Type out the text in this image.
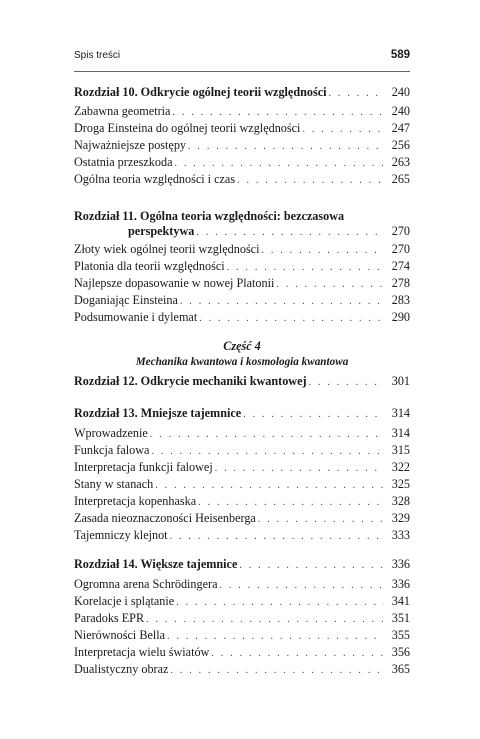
Spis treści	589
Rozdział 10. Odkrycie ogólnej teorii względności . . .	240
Zabawna geometria . . .	240
Droga Einsteina do ogólnej teorii względności . . .	247
Najważniejsze postępy . . .	256
Ostatnia przeszkoda . . .	263
Ogólna teoria względności i czas . . .	265
Rozdział 11. Ogólna teoria względności: bezczasowa
perspektywa . . .	270
Złoty wiek ogólnej teorii względności . . .	270
Platonia dla teorii względności . . .	274
Najlepsze dopasowanie w nowej Platonii . . .	278
Doganiając Einsteina . . .	283
Podsumowanie i dylemat . . .	290
Część 4
Mechanika kwantowa i kosmologia kwantowa
Rozdział 12. Odkrycie mechaniki kwantowej . . .	301
Rozdział 13. Mniejsze tajemnice . . .	314
Wprowadzenie . . .	314
Funkcja falowa . . .	315
Interpretacja funkcji falowej . . .	322
Stany w stanach . . .	325
Interpretacja kopenhaska . . .	328
Zasada nieoznaczoności Heisenberga . . .	329
Tajemniczy klejnot . . .	333
Rozdział 14. Większe tajemnice . . .	336
Ogromna arena Schrödingera . . .	336
Korelacje i splątanie . . .	341
Paradoks EPR . . .	351
Nierówności Bella . . .	355
Interpretacja wielu światów . . .	356
Dualistyczny obraz . . .	365
